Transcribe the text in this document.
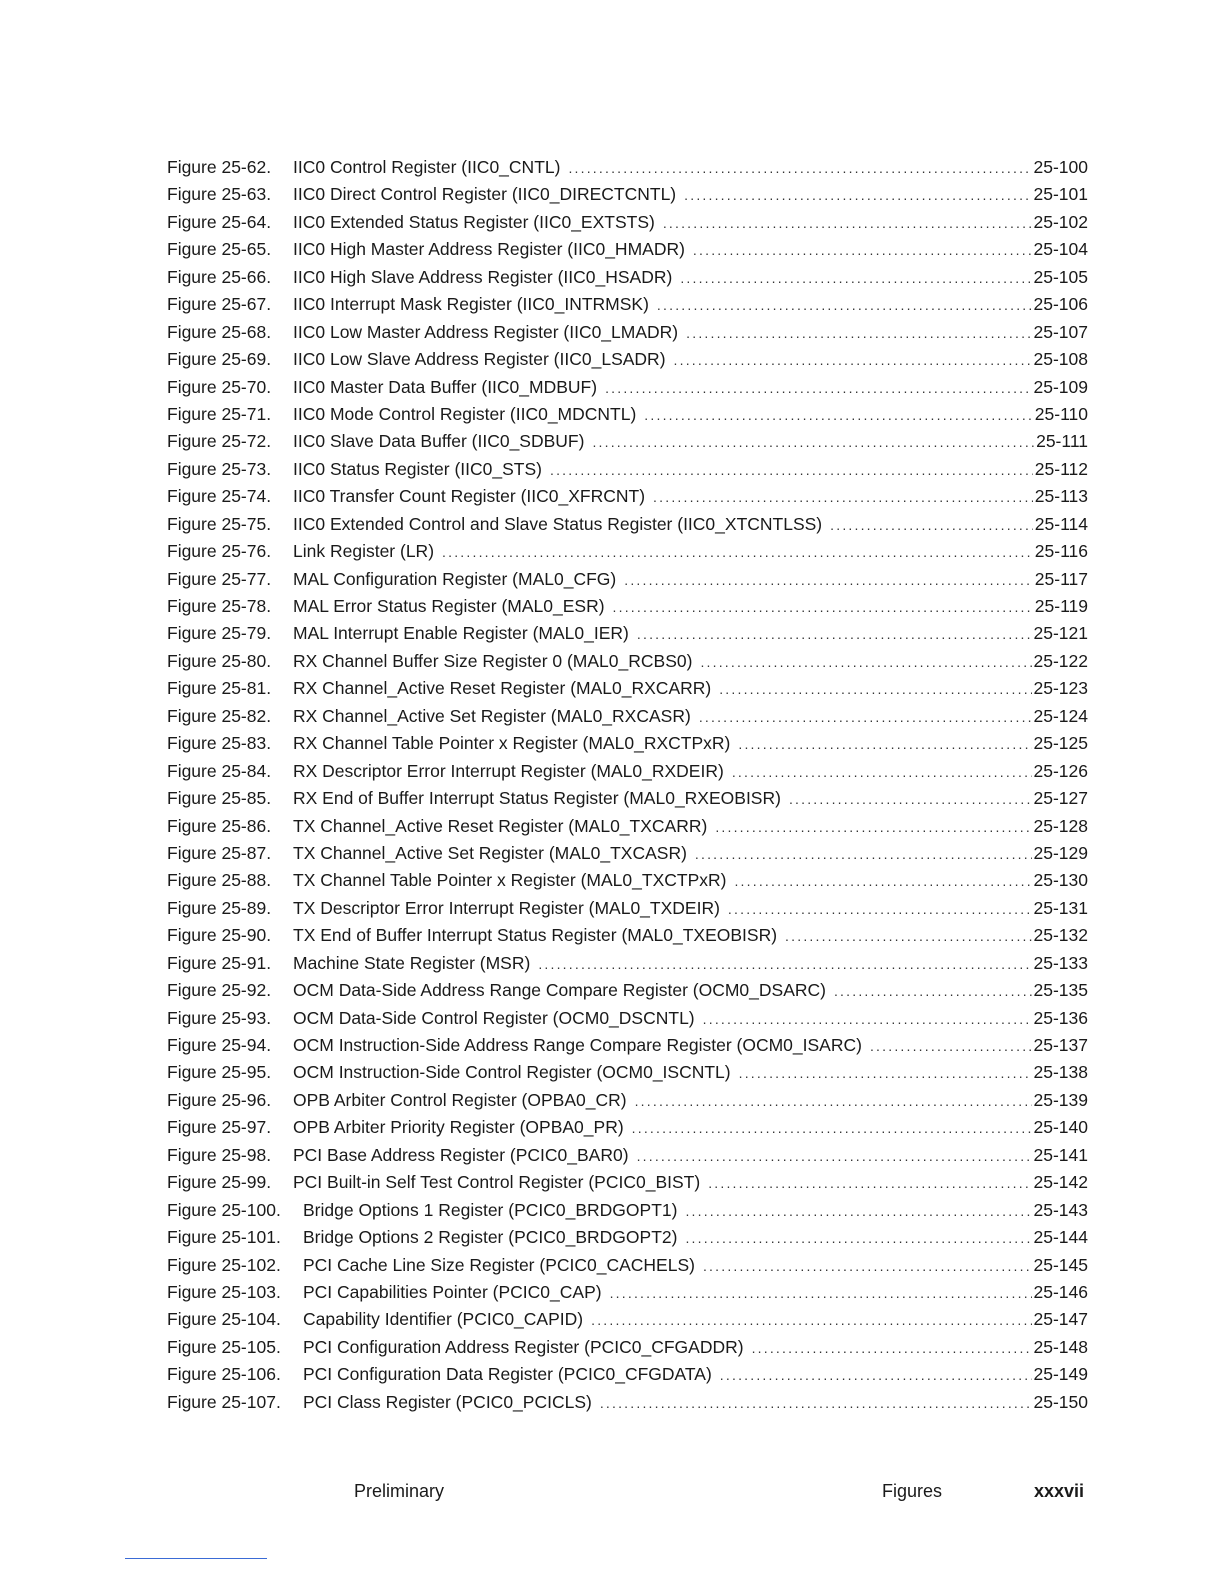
Figure 25-62.	IIC0 Control Register (IIC0_CNTL) .....	25-100
Figure 25-63.	IIC0 Direct Control Register (IIC0_DIRECTCNTL) .....	25-101
Figure 25-64.	IIC0 Extended Status Register (IIC0_EXTSTS) .....	25-102
Figure 25-65.	IIC0 High Master Address Register (IIC0_HMADR) .....	25-104
Figure 25-66.	IIC0 High Slave Address Register (IIC0_HSADR) .....	25-105
Figure 25-67.	IIC0 Interrupt Mask Register (IIC0_INTRMSK) .....	25-106
Figure 25-68.	IIC0 Low Master Address Register (IIC0_LMADR) .....	25-107
Figure 25-69.	IIC0 Low Slave Address Register (IIC0_LSADR) .....	25-108
Figure 25-70.	IIC0 Master Data Buffer (IIC0_MDBUF) .....	25-109
Figure 25-71.	IIC0 Mode Control Register (IIC0_MDCNTL) .....	25-110
Figure 25-72.	IIC0 Slave Data Buffer (IIC0_SDBUF) .....	25-111
Figure 25-73.	IIC0 Status Register (IIC0_STS) .....	25-112
Figure 25-74.	IIC0 Transfer Count Register (IIC0_XFRCNT) .....	25-113
Figure 25-75.	IIC0 Extended Control and Slave Status Register (IIC0_XTCNTLSS) .....	25-114
Figure 25-76.	Link Register (LR) .....	25-116
Figure 25-77.	MAL Configuration Register (MAL0_CFG) .....	25-117
Figure 25-78.	MAL Error Status Register (MAL0_ESR) .....	25-119
Figure 25-79.	MAL Interrupt Enable Register (MAL0_IER) .....	25-121
Figure 25-80.	RX Channel Buffer Size Register 0 (MAL0_RCBS0) .....	25-122
Figure 25-81.	RX Channel_Active Reset Register (MAL0_RXCARR) .....	25-123
Figure 25-82.	RX Channel_Active Set Register (MAL0_RXCASR) .....	25-124
Figure 25-83.	RX Channel Table Pointer x Register (MAL0_RXCTPxR) .....	25-125
Figure 25-84.	RX Descriptor Error Interrupt Register (MAL0_RXDEIR) .....	25-126
Figure 25-85.	RX End of Buffer Interrupt Status Register (MAL0_RXEOBISR) .....	25-127
Figure 25-86.	TX Channel_Active Reset Register (MAL0_TXCARR) .....	25-128
Figure 25-87.	TX Channel_Active Set Register (MAL0_TXCASR) .....	25-129
Figure 25-88.	TX Channel Table Pointer x Register (MAL0_TXCTPxR) .....	25-130
Figure 25-89.	TX Descriptor Error Interrupt Register (MAL0_TXDEIR) .....	25-131
Figure 25-90.	TX End of Buffer Interrupt Status Register (MAL0_TXEOBISR) .....	25-132
Figure 25-91.	Machine State Register (MSR) .....	25-133
Figure 25-92.	OCM Data-Side Address Range Compare Register (OCM0_DSARC) .....	25-135
Figure 25-93.	OCM Data-Side Control Register (OCM0_DSCNTL) .....	25-136
Figure 25-94.	OCM Instruction-Side Address Range Compare Register (OCM0_ISARC) .....	25-137
Figure 25-95.	OCM Instruction-Side Control Register (OCM0_ISCNTL) .....	25-138
Figure 25-96.	OPB Arbiter Control Register (OPBA0_CR) .....	25-139
Figure 25-97.	OPB Arbiter Priority Register (OPBA0_PR) .....	25-140
Figure 25-98.	PCI Base Address Register (PCIC0_BAR0) .....	25-141
Figure 25-99.	PCI Built-in Self Test Control Register (PCIC0_BIST) .....	25-142
Figure 25-100.	Bridge Options 1 Register (PCIC0_BRDGOPT1) .....	25-143
Figure 25-101.	Bridge Options 2 Register (PCIC0_BRDGOPT2) .....	25-144
Figure 25-102.	PCI Cache Line Size Register (PCIC0_CACHELS) .....	25-145
Figure 25-103.	PCI Capabilities Pointer (PCIC0_CAP) .....	25-146
Figure 25-104.	Capability Identifier (PCIC0_CAPID) .....	25-147
Figure 25-105.	PCI Configuration Address Register (PCIC0_CFGADDR) .....	25-148
Figure 25-106.	PCI Configuration Data Register (PCIC0_CFGDATA) .....	25-149
Figure 25-107.	PCI Class Register (PCIC0_PCICLS) .....	25-150
Preliminary	Figures	xxxvii
